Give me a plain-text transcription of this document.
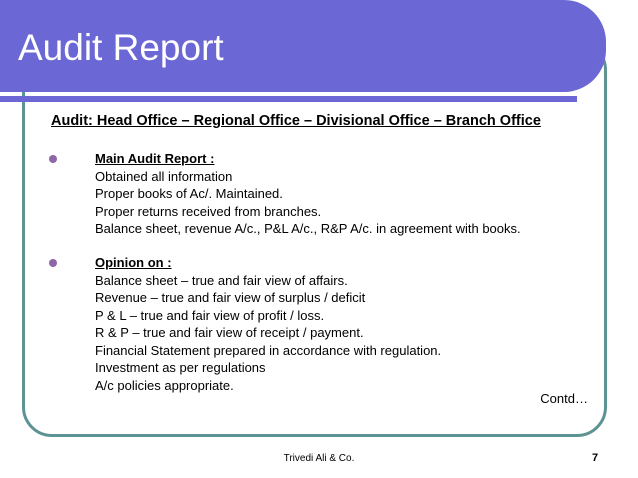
Audit Report
Audit: Head Office – Regional Office – Divisional Office – Branch Office
Main Audit Report :
Obtained all information
Proper books of Ac/. Maintained.
Proper returns received from branches.
Balance sheet, revenue A/c., P&L A/c., R&P A/c. in agreement with books.
Opinion on :
Balance sheet – true and fair view of affairs.
Revenue – true and fair view of surplus / deficit
P & L – true and fair view of profit / loss.
R & P – true and fair view of receipt / payment.
Financial Statement prepared in accordance with regulation.
Investment as per regulations
A/c policies appropriate.
Contd…
Trivedi Ali & Co.	7
